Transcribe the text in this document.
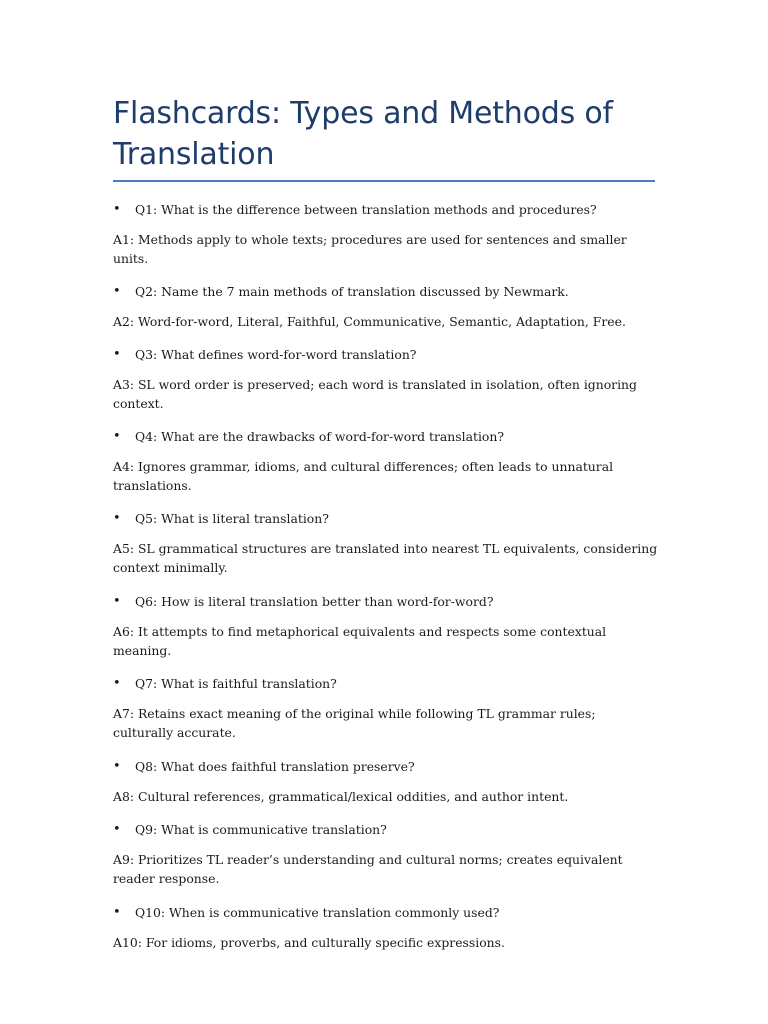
Flashcards: Types and Methods of Translation
• Q1: What is the difference between translation methods and procedures?
A1: Methods apply to whole texts; procedures are used for sentences and smaller units.
• Q2: Name the 7 main methods of translation discussed by Newmark.
A2: Word-for-word, Literal, Faithful, Communicative, Semantic, Adaptation, Free.
• Q3: What defines word-for-word translation?
A3: SL word order is preserved; each word is translated in isolation, often ignoring context.
• Q4: What are the drawbacks of word-for-word translation?
A4: Ignores grammar, idioms, and cultural differences; often leads to unnatural translations.
• Q5: What is literal translation?
A5: SL grammatical structures are translated into nearest TL equivalents, considering context minimally.
• Q6: How is literal translation better than word-for-word?
A6: It attempts to find metaphorical equivalents and respects some contextual meaning.
• Q7: What is faithful translation?
A7: Retains exact meaning of the original while following TL grammar rules; culturally accurate.
• Q8: What does faithful translation preserve?
A8: Cultural references, grammatical/lexical oddities, and author intent.
• Q9: What is communicative translation?
A9: Prioritizes TL reader’s understanding and cultural norms; creates equivalent reader response.
• Q10: When is communicative translation commonly used?
A10: For idioms, proverbs, and culturally specific expressions.
